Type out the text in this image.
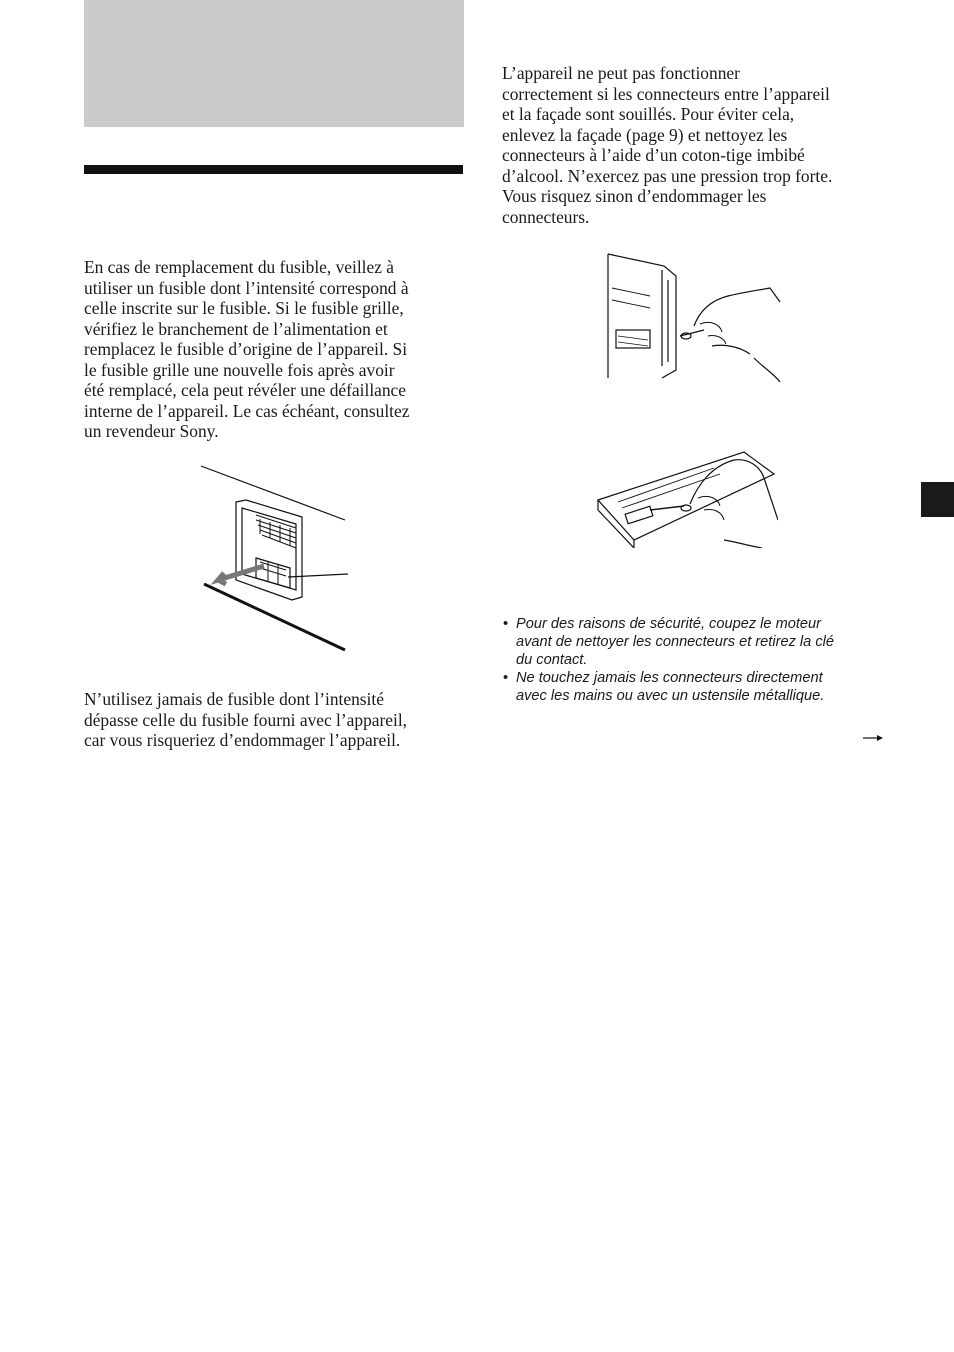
L’appareil ne peut pas fonctionner
correctement si les connecteurs entre l’appareil
et la façade sont souillés. Pour éviter cela,
enlevez la façade (page 9) et nettoyez les
connecteurs à l’aide d’un coton-tige imbibé
d’alcool. N’exercez pas une pression trop forte.
Vous risquez sinon d’endommager les
connecteurs.

En cas de remplacement du fusible, veillez à
utiliser un fusible dont l’intensité correspond à
celle inscrite sur le fusible. Si le fusible grille,
vérifiez le branchement de l’alimentation et
remplacez le fusible d’origine de l’appareil. Si
le fusible grille une nouvelle fois après avoir
été remplacé, cela peut révéler une défaillance
interne de l’appareil. Le cas échéant, consultez
un revendeur Sony.

N’utilisez jamais de fusible dont l’intensité
dépasse celle du fusible fourni avec l’appareil,
car vous risqueriez d’endommager l’appareil.

• Pour des raisons de sécurité, coupez le moteur
avant de nettoyer les connecteurs et retirez la clé
du contact.
• Ne touchez jamais les connecteurs directement
avec les mains ou avec un ustensile métallique.
